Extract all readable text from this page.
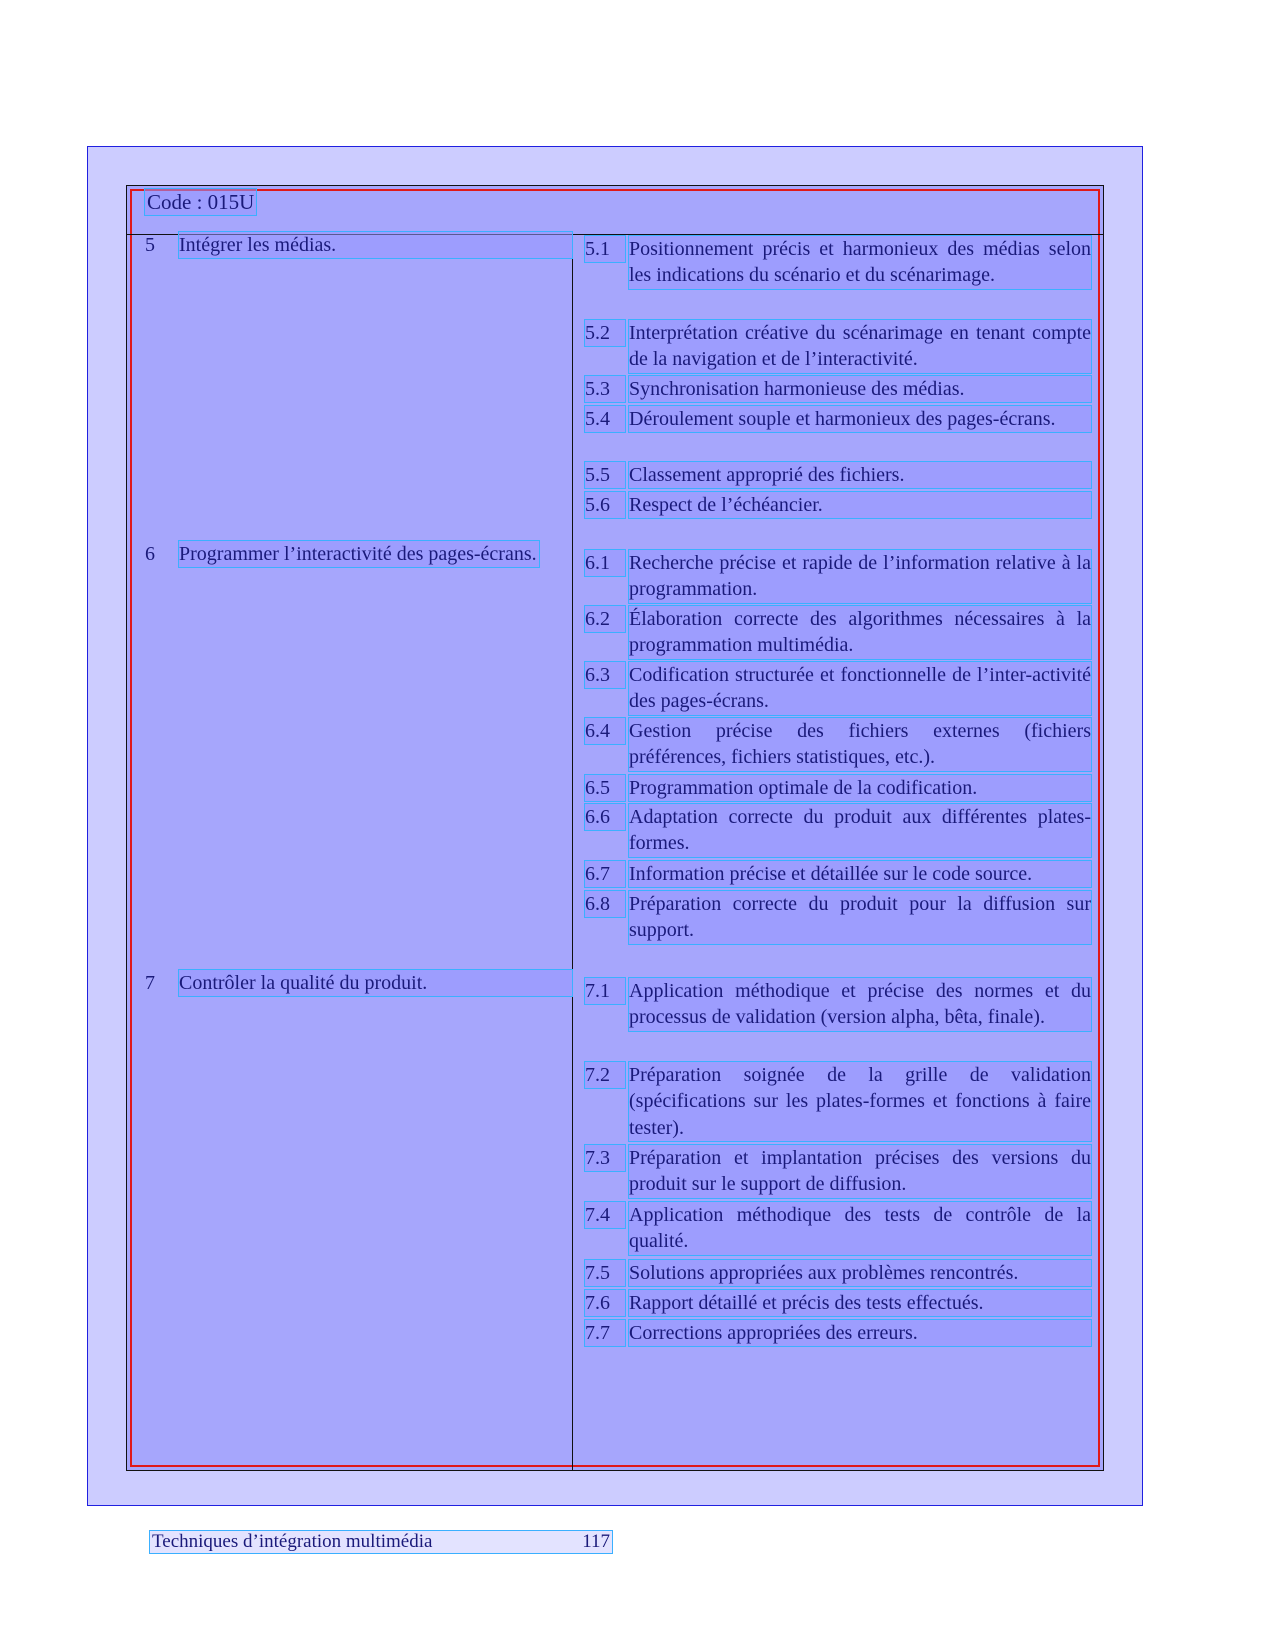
Code : 015U
5 Intégrer les médias.
6 Programmer l’interactivité des pages-écrans.
7 Contrôler la qualité du produit.
5.1 Positionnement précis et harmonieux des médias selon les indications du scénario et du scénarimage.
5.2 Interprétation créative du scénarimage en tenant compte de la navigation et de l’interactivité.
5.3 Synchronisation harmonieuse des médias.
5.4 Déroulement souple et harmonieux des pages-écrans.
5.5 Classement approprié des fichiers.
5.6 Respect de l’échéancier.
6.1 Recherche précise et rapide de l’information relative à la programmation.
6.2 Élaboration correcte des algorithmes nécessaires à la programmation multimédia.
6.3 Codification structurée et fonctionnelle de l’inter-activité des pages-écrans.
6.4 Gestion précise des fichiers externes (fichiers préférences, fichiers statistiques, etc.).
6.5 Programmation optimale de la codification.
6.6 Adaptation correcte du produit aux différentes plates-formes.
6.7 Information précise et détaillée sur le code source.
6.8 Préparation correcte du produit pour la diffusion sur support.
7.1 Application méthodique et précise des normes et du processus de validation (version alpha, bêta, finale).
7.2 Préparation soignée de la grille de validation (spécifications sur les plates-formes et fonctions à faire tester).
7.3 Préparation et implantation précises des versions du produit sur le support de diffusion.
7.4 Application méthodique des tests de contrôle de la qualité.
7.5 Solutions appropriées aux problèmes rencontrés.
7.6 Rapport détaillé et précis des tests effectués.
7.7 Corrections appropriées des erreurs.
Techniques d’intégration multimédia	117
